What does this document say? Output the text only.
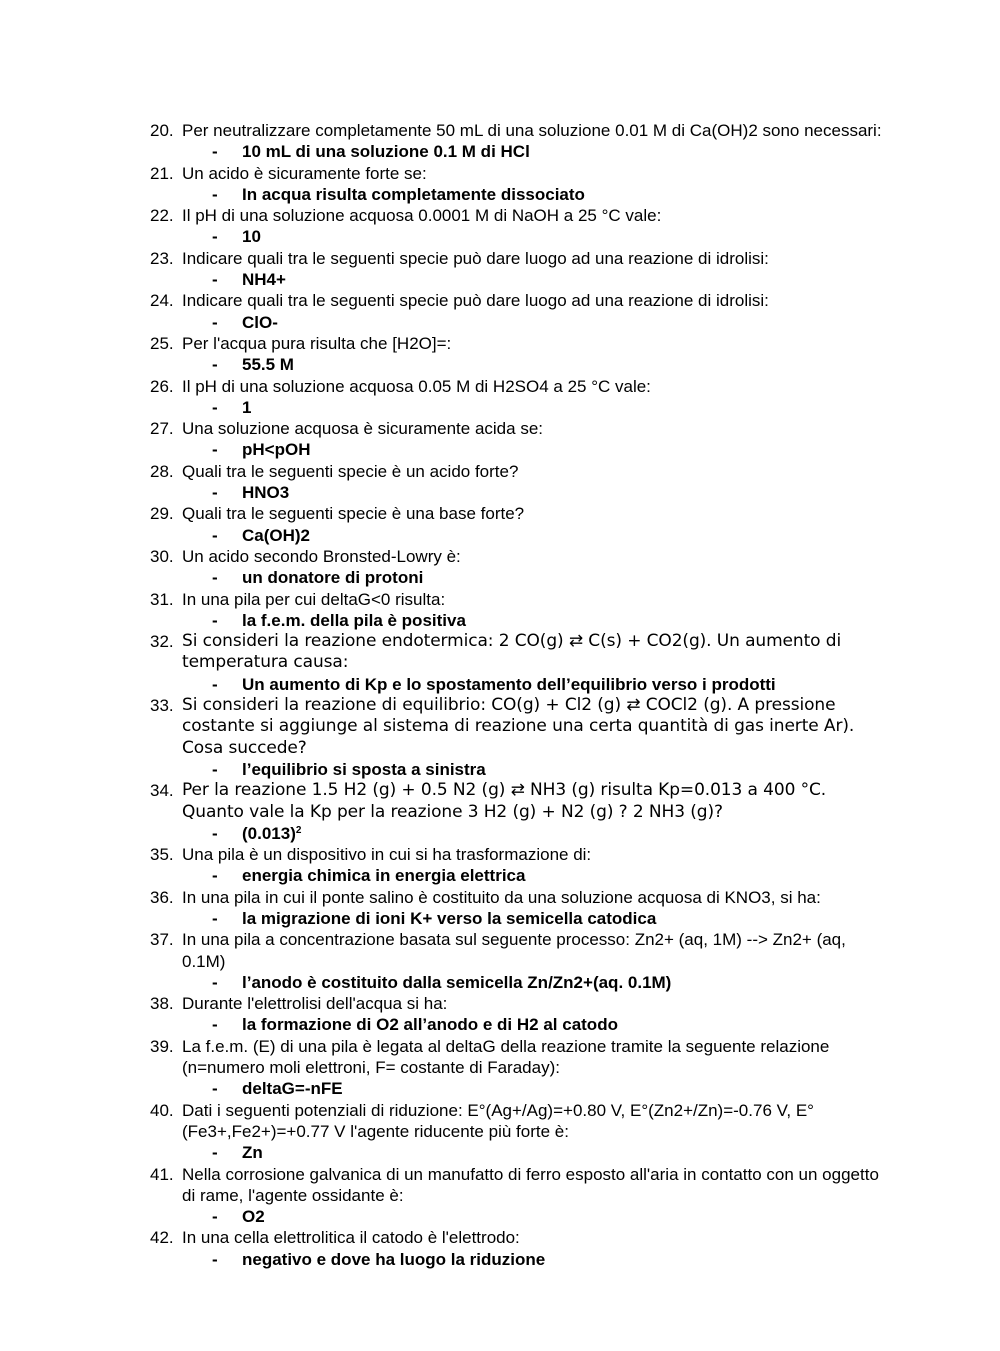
20. Per neutralizzare completamente 50 mL di una soluzione 0.01 M di Ca(OH)2 sono necessari:
-	10 mL di una soluzione 0.1 M di HCl
21. Un acido è sicuramente forte se:
-	In acqua risulta completamente dissociato
22. Il pH di una soluzione acquosa 0.0001 M di NaOH a 25 °C vale:
-	10
23. Indicare quali tra le seguenti specie può dare luogo ad una reazione di idrolisi:
-	NH4+
24. Indicare quali tra le seguenti specie può dare luogo ad una reazione di idrolisi:
-	ClO-
25. Per l'acqua pura risulta che [H2O]=:
-	55.5 M
26. Il pH di una soluzione acquosa 0.05 M di H2SO4 a 25 °C vale:
-	1
27. Una soluzione acquosa è sicuramente acida se:
-	pH<pOH
28. Quali tra le seguenti specie è un acido forte?
-	HNO3
29. Quali tra le seguenti specie è una base forte?
-	Ca(OH)2
30. Un acido secondo Bronsted-Lowry è:
-	un donatore di protoni
31. In una pila per cui deltaG<0 risulta:
-	la f.e.m. della pila è positiva
32. Si consideri la reazione endotermica: 2 CO(g) ⇄ C(s) + CO2(g). Un aumento di temperatura causa:
-	Un aumento di Kp e lo spostamento dell’equilibrio verso i prodotti
33. Si consideri la reazione di equilibrio: CO(g) + Cl2 (g) ⇄ COCl2 (g). A pressione costante si aggiunge al sistema di reazione una certa quantità di gas inerte Ar). Cosa succede?
-	l’equilibrio si sposta a sinistra
34. Per la reazione 1.5 H2 (g) + 0.5 N2 (g) ⇄ NH3 (g) risulta Kp=0.013 a 400 °C. Quanto vale la Kp per la reazione 3 H2 (g) + N2 (g) ? 2 NH3 (g)?
-	$(0.013)^2$
35. Una pila è un dispositivo in cui si ha trasformazione di:
-	energia chimica in energia elettrica
36. In una pila in cui il ponte salino è costituito da una soluzione acquosa di KNO3, si ha:
-	la migrazione di ioni K+ verso la semicella catodica
37. In una pila a concentrazione basata sul seguente processo: Zn2+ (aq, 1M) --> Zn2+ (aq, 0.1M)
-	l’anodo è costituito dalla semicella Zn/Zn2+(aq. 0.1M)
38. Durante l'elettrolisi dell'acqua si ha:
-	la formazione di O2 all’anodo e di H2 al catodo
39. La f.e.m. (E) di una pila è legata al deltaG della reazione tramite la seguente relazione (n=numero moli elettroni, F= costante di Faraday):
-	deltaG=-nFE
40. Dati i seguenti potenziali di riduzione: E°(Ag+/Ag)=+0.80 V, E°(Zn2+/Zn)=-0.76 V, E°(Fe3+,Fe2+)=+0.77 V l'agente riducente più forte è:
-	Zn
41. Nella corrosione galvanica di un manufatto di ferro esposto all'aria in contatto con un oggetto di rame, l'agente ossidante è:
-	O2
42. In una cella elettrolitica il catodo è l'elettrodo:
-	negativo e dove ha luogo la riduzione
